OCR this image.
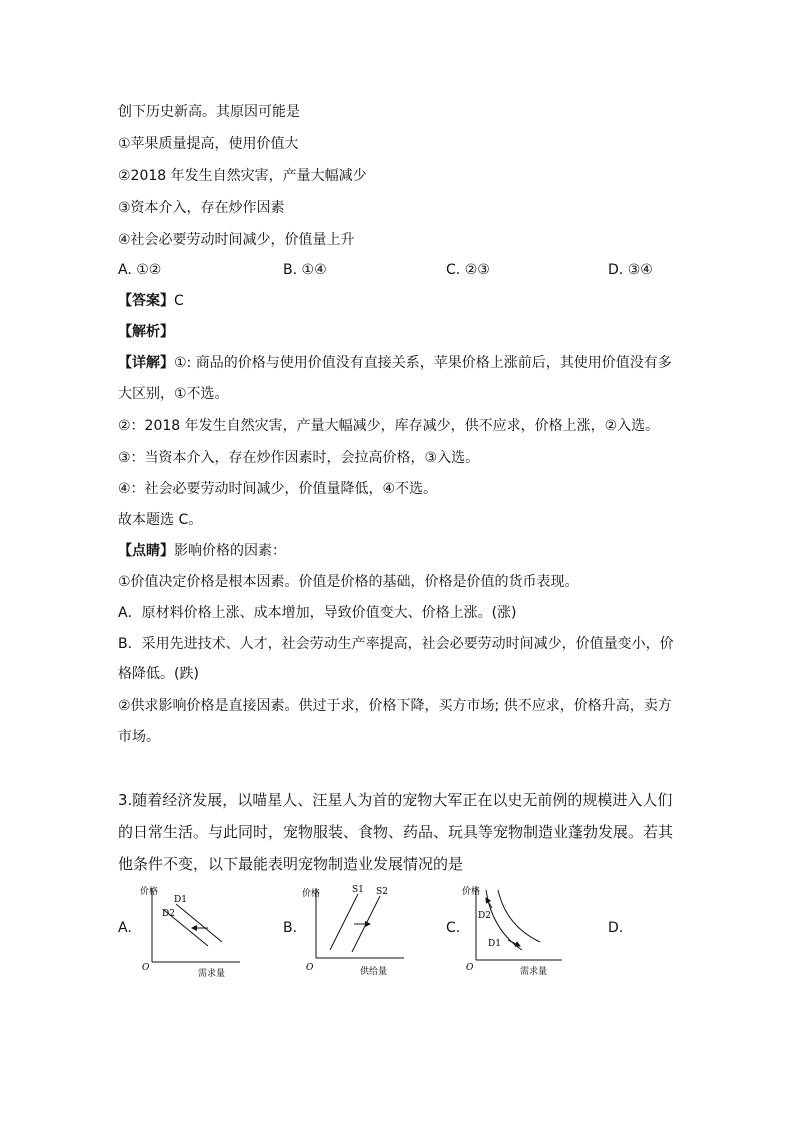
创下历史新高。其原因可能是
①苹果质量提高，使用价值大
②2018 年发生自然灾害，产量大幅减少
③资本介入，存在炒作因素
④社会必要劳动时间减少，价值量上升
A. ①②	B. ①④	C. ②③	D. ③④
【答案】C
【解析】
【详解】①: 商品的价格与使用价值没有直接关系，苹果价格上涨前后，其使用价值没有多
大区别，①不选。
②：2018 年发生自然灾害，产量大幅减少，库存减少，供不应求，价格上涨，②入选。
③：当资本介入，存在炒作因素时，会拉高价格，③入选。
④：社会必要劳动时间减少，价值量降低，④不选。
故本题选 C。
【点睛】影响价格的因素：
①价值决定价格是根本因素。价值是价格的基础，价格是价值的货币表现。
A．原材料价格上涨、成本增加，导致价值变大、价格上涨。(涨)
B．采用先进技术、人才，社会劳动生产率提高，社会必要劳动时间减少，价值量变小，价
格降低。(跌)
②供求影响价格是直接因素。供过于求，价格下降，买方市场; 供不应求，价格升高，卖方
市场。
3.随着经济发展，以喵星人、汪星人为首的宠物大军正在以史无前例的规模进入人们的日常生活。与此同时，宠物服装、食物、药品、玩具等宠物制造业蓬勃发展。若其他条件不变，以下最能表明宠物制造业发展情况的是
A.	B.	C.	D.
价格
需求量
O
D1
D2
价格
供给量
O
S1 S2	价格
需求量
O
D2
D1
